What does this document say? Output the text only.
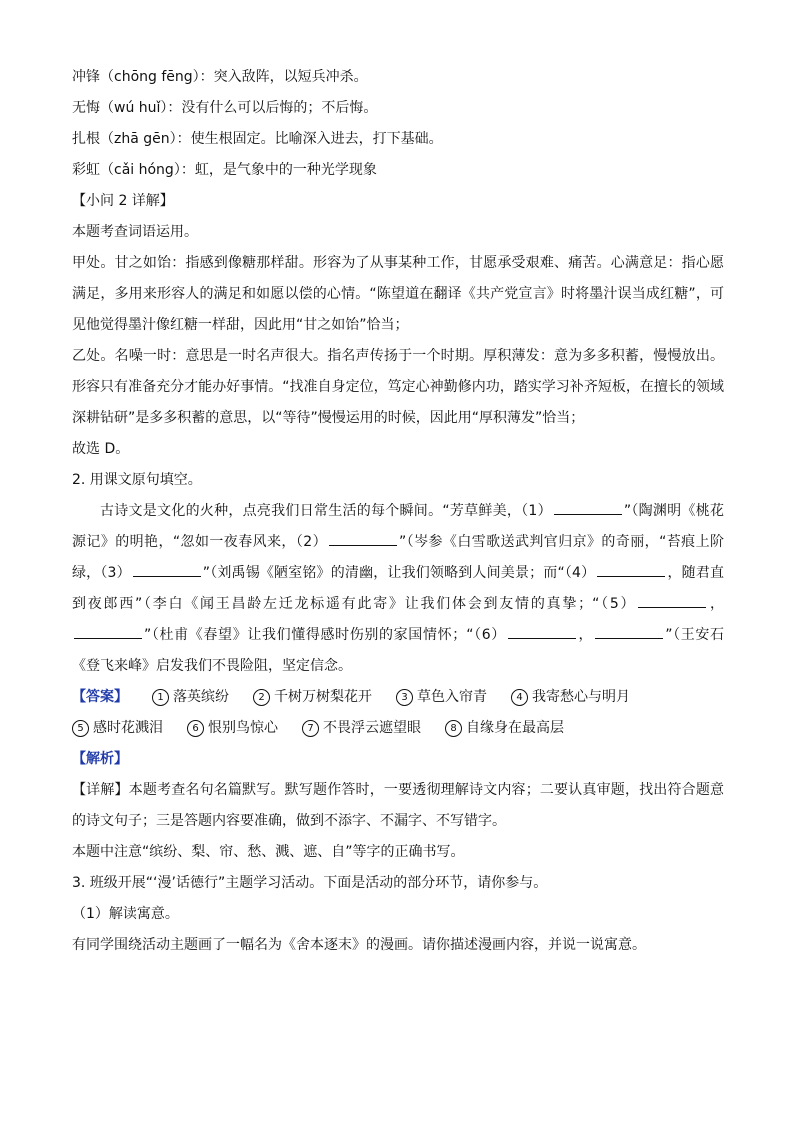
冲锋（chōng fēng）：突入敌阵，以短兵冲杀。
无悔（wú huǐ）：没有什么可以后悔的；不后悔。
扎根（zhā gēn）：使生根固定。比喻深入进去，打下基础。
彩虹（cǎi hóng）：虹，是气象中的一种光学现象
【小问 2 详解】
本题考查词语运用。
甲处。甘之如饴：指感到像糖那样甜。形容为了从事某种工作，甘愿承受艰难、痛苦。心满意足：指心愿满足，多用来形容人的满足和如愿以偿的心情。“陈望道在翻译《共产党宣言》时将墨汁误当成红糖”，可见他觉得墨汁像红糖一样甜，因此用“甘之如饴”恰当；
乙处。名噪一时：意思是一时名声很大。指名声传扬于一个时期。厚积薄发：意为多多积蓄，慢慢放出。形容只有准备充分才能办好事情。“找准自身定位，笃定心神勤修内功，踏实学习补齐短板，在擅长的领域深耕钻研”是多多积蓄的意思，以“等待”慢慢运用的时候，因此用“厚积薄发”恰当；
故选 D。
2. 用课文原句填空。
古诗文是文化的火种，点亮我们日常生活的每个瞬间。“芳草鲜美，（1）	”（陶渊明《桃花源记》的明艳，“忽如一夜春风来，（2）	”（岑参《白雪歌送武判官归京》的奇丽，“苔痕上阶绿，（3）	”（刘禹锡《陋室铭》的清幽，让我们领略到人间美景；而“（4）	，随君直到夜郎西”（李白《闻王昌龄左迁龙标遥有此寄》让我们体会到友情的真挚；“（5）	，”（杜甫《春望》让我们懂得感时伤别的家国情怀；“（6）	，	”（王安石《登飞来峰》启发我们不畏险阻，坚定信念。
【答案】	1 落英缤纷	2 千树万树梨花开	3 草色入帘青	4 我寄愁心与明月
5 感时花溅泪	6 恨别鸟惊心	7 不畏浮云遮望眼	8 自缘身在最高层
【解析】
【详解】本题考查名句名篇默写。默写题作答时，一要透彻理解诗文内容；二要认真审题，找出符合题意的诗文句子；三是答题内容要准确，做到不添字、不漏字、不写错字。
本题中注意“缤纷、梨、帘、愁、溅、遮、自”等字的正确书写。
3. 班级开展“‘漫’话德行”主题学习活动。下面是活动的部分环节，请你参与。
（1）解读寓意。
有同学围绕活动主题画了一幅名为《舍本逐末》的漫画。请你描述漫画内容，并说一说寓意。
